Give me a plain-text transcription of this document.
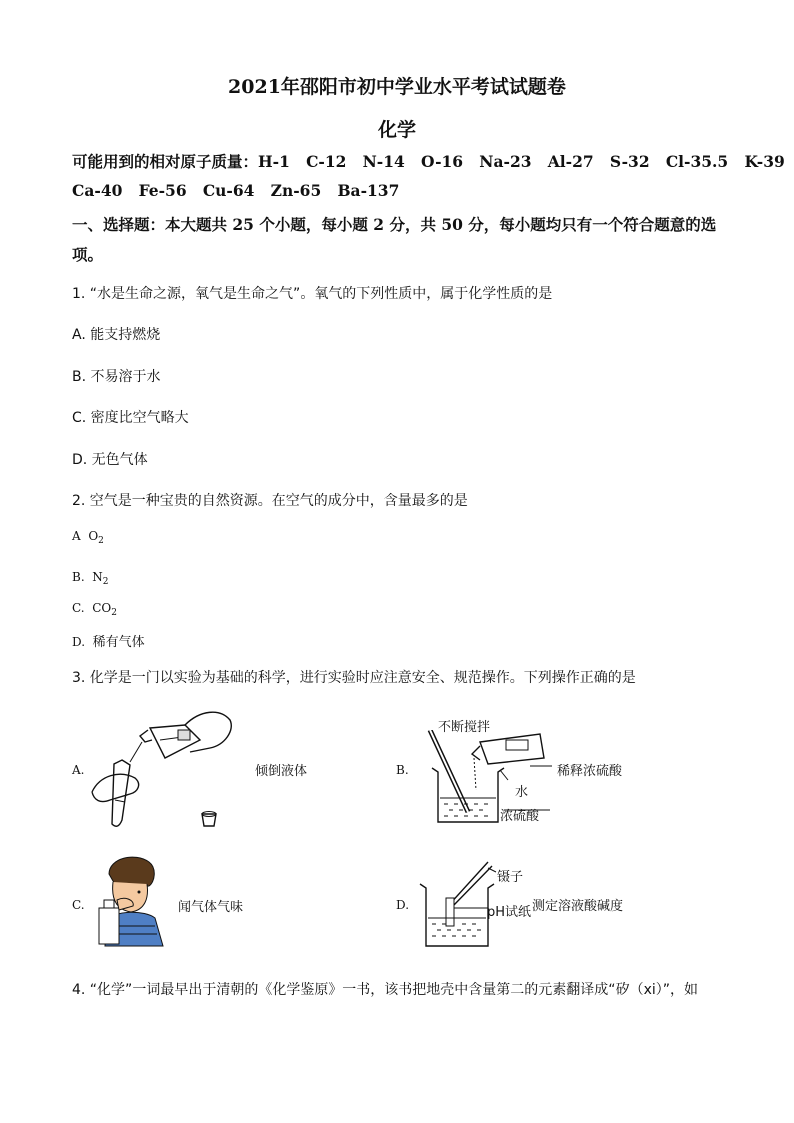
2021年邵阳市初中学业水平考试试题卷
化学
可能用到的相对原子质量：H-1 C-12 N-14 O-16 Na-23 Al-27 S-32 Cl-35.5 K-39
Ca-40 Fe-56 Cu-64 Zn-65 Ba-137
一、选择题：本大题共 25 个小题，每小题 2 分，共 50 分，每小题均只有一个符合题意的选
项。
1. “水是生命之源，氧气是生命之气”。氧气的下列性质中，属于化学性质的是
A. 能支持燃烧
B. 不易溶于水
C. 密度比空气略大
D. 无色气体
2. 空气是一种宝贵的自然资源。在空气的成分中，含量最多的是
A $O_2$
B. $N_2$
C. $CO_2$
D. 稀有气体
3. 化学是一门以实验为基础的科学，进行实验时应注意安全、规范操作。下列操作正确的是
A.	倾倒液体	B.
不断搅拌
稀释浓硫酸
水
浓硫酸
C.	闻气体气味	D.
镊子
pH试纸 测定溶液酸碱度
4. “化学”一词最早出于清朝的《化学鉴原》一书，该书把地壳中含量第二的元素翻译成“矽（xi）”，如
